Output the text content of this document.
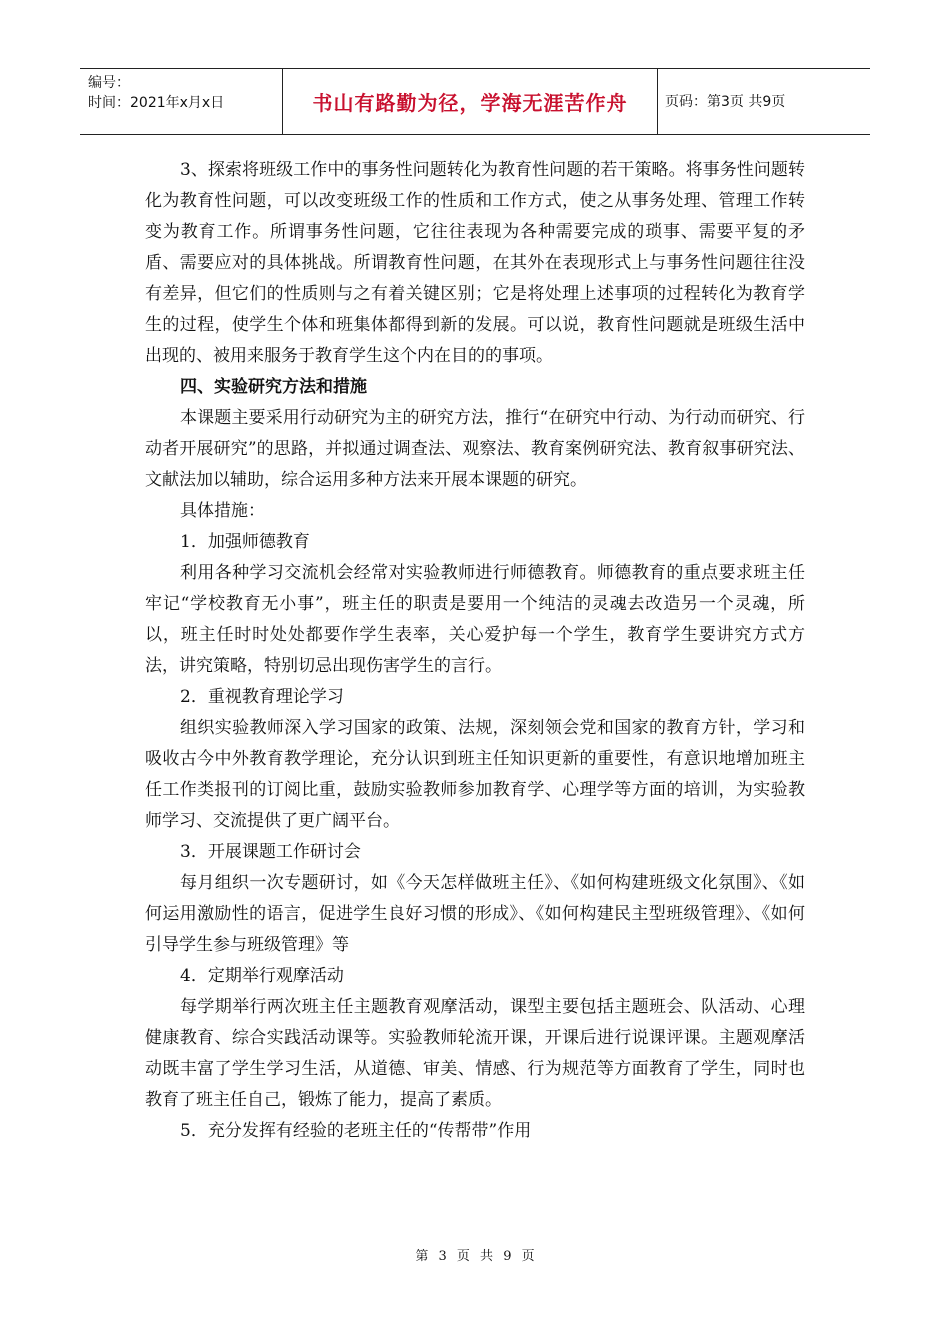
编号：
时间：2021年x月x日	书山有路勤为径，学海无涯苦作舟	页码：第3页 共9页

3、探索将班级工作中的事务性问题转化为教育性问题的若干策略。将事务性问题转化为教育性问题，可以改变班级工作的性质和工作方式，使之从事务处理、管理工作转变为教育工作。所谓事务性问题，它往往表现为各种需要完成的琐事、需要平复的矛盾、需要应对的具体挑战。所谓教育性问题，在其外在表现形式上与事务性问题往往没有差异，但它们的性质则与之有着关键区别；它是将处理上述事项的过程转化为教育学生的过程，使学生个体和班集体都得到新的发展。可以说，教育性问题就是班级生活中出现的、被用来服务于教育学生这个内在目的的事项。

四、实验研究方法和措施

本课题主要采用行动研究为主的研究方法，推行“在研究中行动、为行动而研究、行动者开展研究”的思路，并拟通过调查法、观察法、教育案例研究法、教育叙事研究法、文献法加以辅助，综合运用多种方法来开展本课题的研究。

具体措施：

1．加强师德教育

利用各种学习交流机会经常对实验教师进行师德教育。师德教育的重点要求班主任牢记“学校教育无小事”，班主任的职责是要用一个纯洁的灵魂去改造另一个灵魂，所以，班主任时时处处都要作学生表率，关心爱护每一个学生，教育学生要讲究方式方法，讲究策略，特别切忌出现伤害学生的言行。

2．重视教育理论学习

组织实验教师深入学习国家的政策、法规，深刻领会党和国家的教育方针，学习和吸收古今中外教育教学理论，充分认识到班主任知识更新的重要性，有意识地增加班主任工作类报刊的订阅比重，鼓励实验教师参加教育学、心理学等方面的培训，为实验教师学习、交流提供了更广阔平台。

3．开展课题工作研讨会

每月组织一次专题研讨，如《今天怎样做班主任》、《如何构建班级文化氛围》、《如何运用激励性的语言，促进学生良好习惯的形成》、《如何构建民主型班级管理》、《如何引导学生参与班级管理》等

4．定期举行观摩活动

每学期举行两次班主任主题教育观摩活动，课型主要包括主题班会、队活动、心理健康教育、综合实践活动课等。实验教师轮流开课，开课后进行说课评课。主题观摩活动既丰富了学生学习生活，从道德、审美、情感、行为规范等方面教育了学生，同时也教育了班主任自己，锻炼了能力，提高了素质。

5．充分发挥有经验的老班主任的“传帮带”作用

第 3 页 共 9 页
